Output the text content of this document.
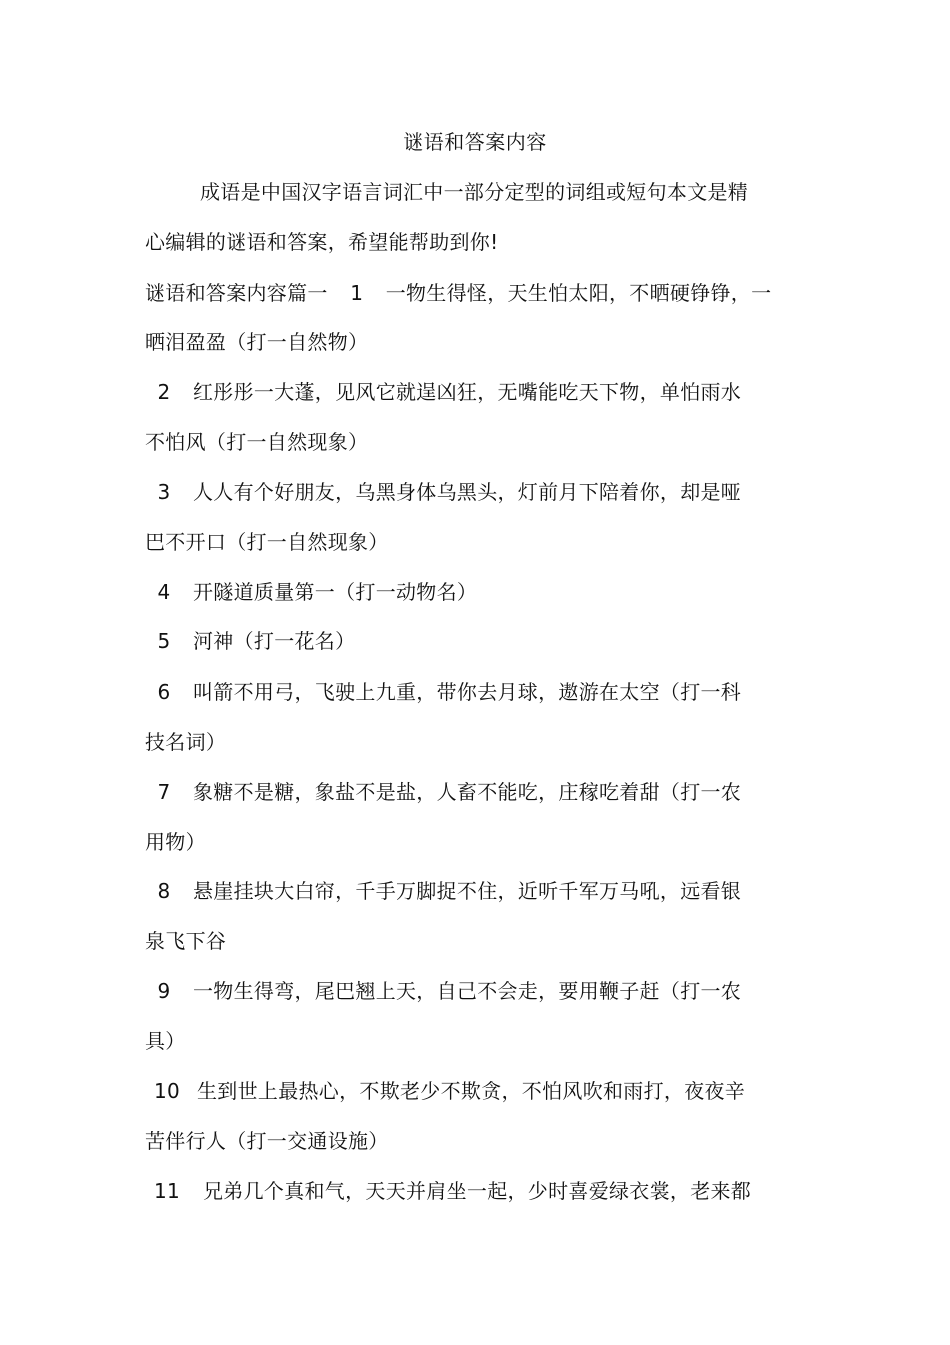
谜语和答案内容
成语是中国汉字语言词汇中一部分定型的词组或短句本文是精
心编辑的谜语和答案，希望能帮助到你!
谜语和答案内容篇一 1 一物生得怪，天生怕太阳，不晒硬铮铮，一
晒泪盈盈（打一自然物）
2 红彤彤一大蓬，见风它就逞凶狂，无嘴能吃天下物，单怕雨水
不怕风（打一自然现象）
3 人人有个好朋友，乌黑身体乌黑头，灯前月下陪着你，却是哑
巴不开口（打一自然现象）
4 开隧道质量第一（打一动物名）
5 河神（打一花名）
6 叫箭不用弓，飞驶上九重，带你去月球，遨游在太空（打一科
技名词）
7 象糖不是糖，象盐不是盐，人畜不能吃，庄稼吃着甜（打一农
用物）
8 悬崖挂块大白帘，千手万脚捉不住，近听千军万马吼，远看银
泉飞下谷
9 一物生得弯，尾巴翘上天，自己不会走，要用鞭子赶（打一农
具）
10 生到世上最热心，不欺老少不欺贪，不怕风吹和雨打，夜夜辛
苦伴行人（打一交通设施）
11 兄弟几个真和气，天天并肩坐一起，少时喜爱绿衣裳，老来都
